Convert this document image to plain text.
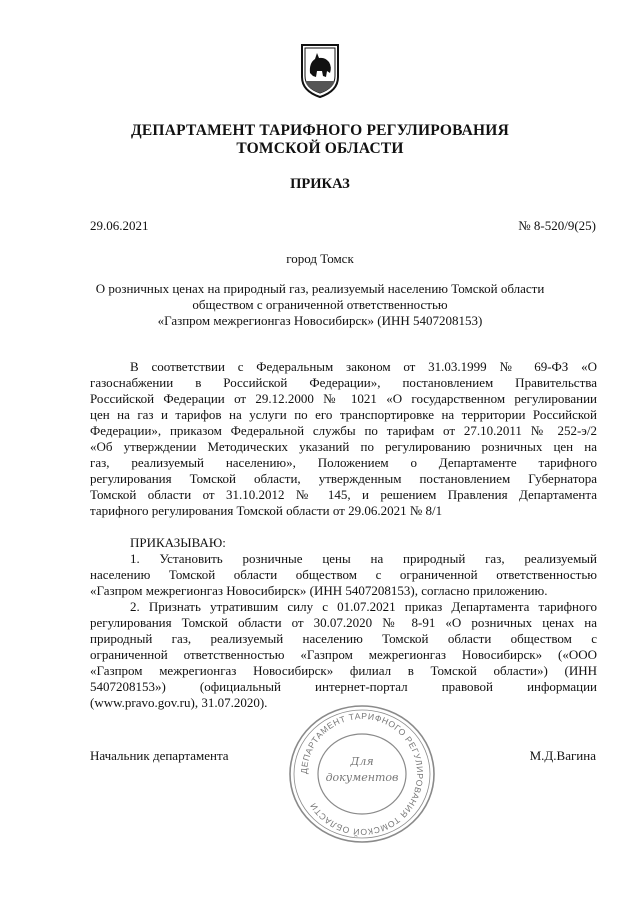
ДЕПАРТАМЕНТ ТАРИФНОГО РЕГУЛИРОВАНИЯ
ТОМСКОЙ ОБЛАСТИ
ПРИКАЗ
29.06.2021	№ 8-520/9(25)
город Томск
О розничных ценах на природный газ, реализуемый населению Томской области
обществом с ограниченной ответственностью
«Газпром межрегионгаз Новосибирск» (ИНН 5407208153)
В соответствии с Федеральным законом от 31.03.1999 № 69-ФЗ «О
газоснабжении в Российской Федерации», постановлением Правительства
Российской Федерации от 29.12.2000 № 1021 «О государственном регулировании
цен на газ и тарифов на услуги по его транспортировке на территории Российской
Федерации», приказом Федеральной службы по тарифам от 27.10.2011 № 252-э/2
«Об утверждении Методических указаний по регулированию розничных цен на
газ, реализуемый населению», Положением о Департаменте тарифного
регулирования Томской области, утвержденным постановлением Губернатора
Томской области от 31.10.2012 № 145, и решением Правления Департамента
тарифного регулирования Томской области от 29.06.2021 № 8/1
ПРИКАЗЫВАЮ:
1. Установить розничные цены на природный газ, реализуемый
населению Томской области обществом с ограниченной ответственностью
«Газпром межрегионгаз Новосибирск» (ИНН 5407208153), согласно приложению.
2. Признать утратившим силу с 01.07.2021 приказ Департамента тарифного
регулирования Томской области от 30.07.2020 № 8-91 «О розничных ценах на
природный газ, реализуемый населению Томской области обществом с
ограниченной ответственностью «Газпром межрегионгаз Новосибирск» («ООО
«Газпром межрегионгаз Новосибирск» филиал в Томской области») (ИНН
5407208153»)        (официальный        интернет-портал        правовой        информации
(www.pravo.gov.ru), 31.07.2020).
Начальник департамента	М.Д.Вагина
ДЕПАРТАМЕНТ ТАРИФНОГО РЕГУЛИРОВАНИЯ ТОМСКОЙ ОБЛАСТИ
Для
документов
